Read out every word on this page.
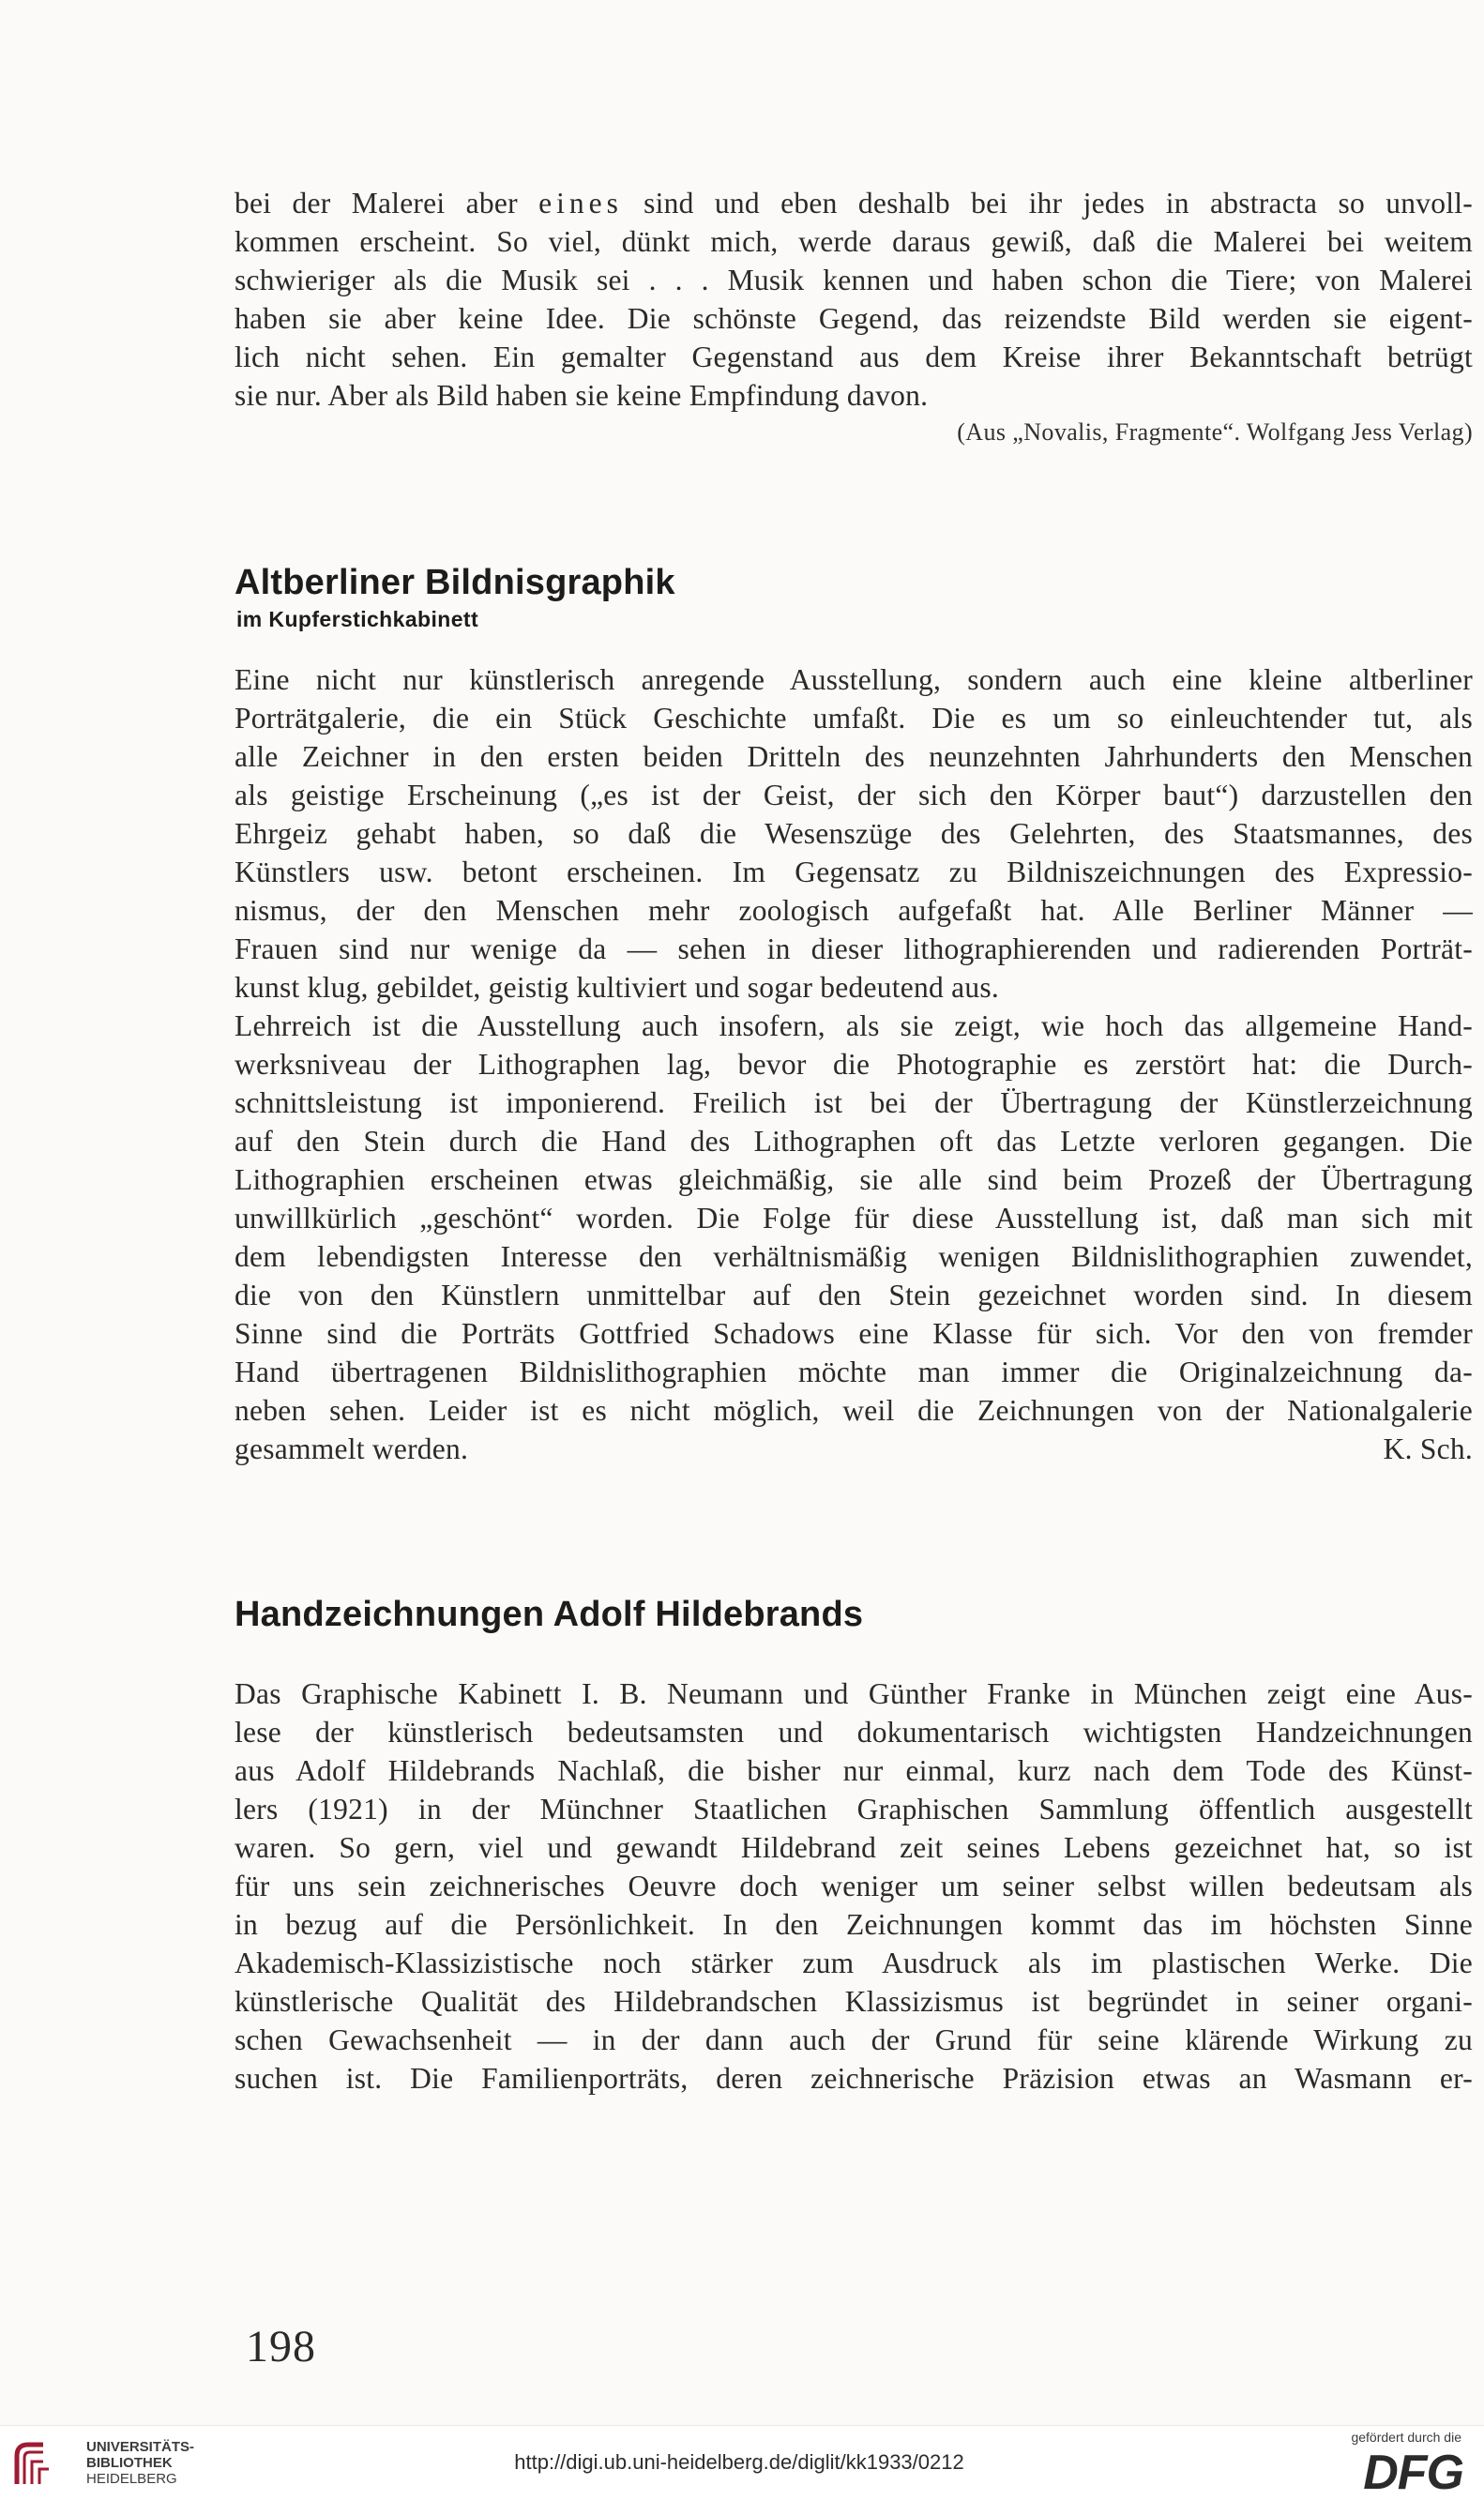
bei der Malerei aber eines sind und eben deshalb bei ihr jedes in abstracta so unvoll-

kommen erscheint. So viel, dünkt mich, werde daraus gewiß, daß die Malerei bei weitem
schwieriger als die Musik sei . . . Musik kennen und haben schon die Tiere; von Malerei
haben sie aber keine Idee. Die schönste Gegend, das reizendste Bild werden sie eigent-
lich nicht sehen. Ein gemalter Gegenstand aus dem Kreise ihrer Bekanntschaft betrügt
sie nur. Aber als Bild haben sie keine Empfindung davon.
(Aus „Novalis, Fragmente“. Wolfgang Jess Verlag)
Altberliner Bildnisgraphik
im Kupferstichkabinett
Eine nicht nur künstlerisch anregende Ausstellung, sondern auch eine kleine altberliner
Porträtgalerie, die ein Stück Geschichte umfaßt. Die es um so einleuchtender tut, als
alle Zeichner in den ersten beiden Dritteln des neunzehnten Jahrhunderts den Menschen
als geistige Erscheinung („es ist der Geist, der sich den Körper baut“) darzustellen den
Ehrgeiz gehabt haben, so daß die Wesenszüge des Gelehrten, des Staatsmannes, des
Künstlers usw. betont erscheinen. Im Gegensatz zu Bildniszeichnungen des Expressio-
nismus, der den Menschen mehr zoologisch aufgefaßt hat. Alle Berliner Männer —
Frauen sind nur wenige da — sehen in dieser lithographierenden und radierenden Porträt-
kunst klug, gebildet, geistig kultiviert und sogar bedeutend aus.
Lehrreich ist die Ausstellung auch insofern, als sie zeigt, wie hoch das allgemeine Hand-
werksniveau der Lithographen lag, bevor die Photographie es zerstört hat: die Durch-
schnittsleistung ist imponierend. Freilich ist bei der Übertragung der Künstlerzeichnung
auf den Stein durch die Hand des Lithographen oft das Letzte verloren gegangen. Die
Lithographien erscheinen etwas gleichmäßig, sie alle sind beim Prozeß der Übertragung
unwillkürlich „geschönt“ worden. Die Folge für diese Ausstellung ist, daß man sich mit
dem lebendigsten Interesse den verhältnismäßig wenigen Bildnislithographien zuwendet,
die von den Künstlern unmittelbar auf den Stein gezeichnet worden sind. In diesem
Sinne sind die Porträts Gottfried Schadows eine Klasse für sich. Vor den von fremder
Hand übertragenen Bildnislithographien möchte man immer die Originalzeichnung da-
neben sehen. Leider ist es nicht möglich, weil die Zeichnungen von der Nationalgalerie
gesammelt werden.	K. Sch.
Handzeichnungen Adolf Hildebrands
Das Graphische Kabinett I. B. Neumann und Günther Franke in München zeigt eine Aus-
lese der künstlerisch bedeutsamsten und dokumentarisch wichtigsten Handzeichnungen
aus Adolf Hildebrands Nachlaß, die bisher nur einmal, kurz nach dem Tode des Künst-
lers (1921) in der Münchner Staatlichen Graphischen Sammlung öffentlich ausgestellt
waren. So gern, viel und gewandt Hildebrand zeit seines Lebens gezeichnet hat, so ist
für uns sein zeichnerisches Oeuvre doch weniger um seiner selbst willen bedeutsam als
in bezug auf die Persönlichkeit. In den Zeichnungen kommt das im höchsten Sinne
Akademisch-Klassizistische noch stärker zum Ausdruck als im plastischen Werke. Die
künstlerische Qualität des Hildebrandschen Klassizismus ist begründet in seiner organi-
schen Gewachsenheit — in der dann auch der Grund für seine klärende Wirkung zu
suchen ist. Die Familienporträts, deren zeichnerische Präzision etwas an Wasmann er-
198
UNIVERSITÄTS-
BIBLIOTHEK
HEIDELBERG
http://digi.ub.uni-heidelberg.de/diglit/kk1933/0212
gefördert durch die
DFG
